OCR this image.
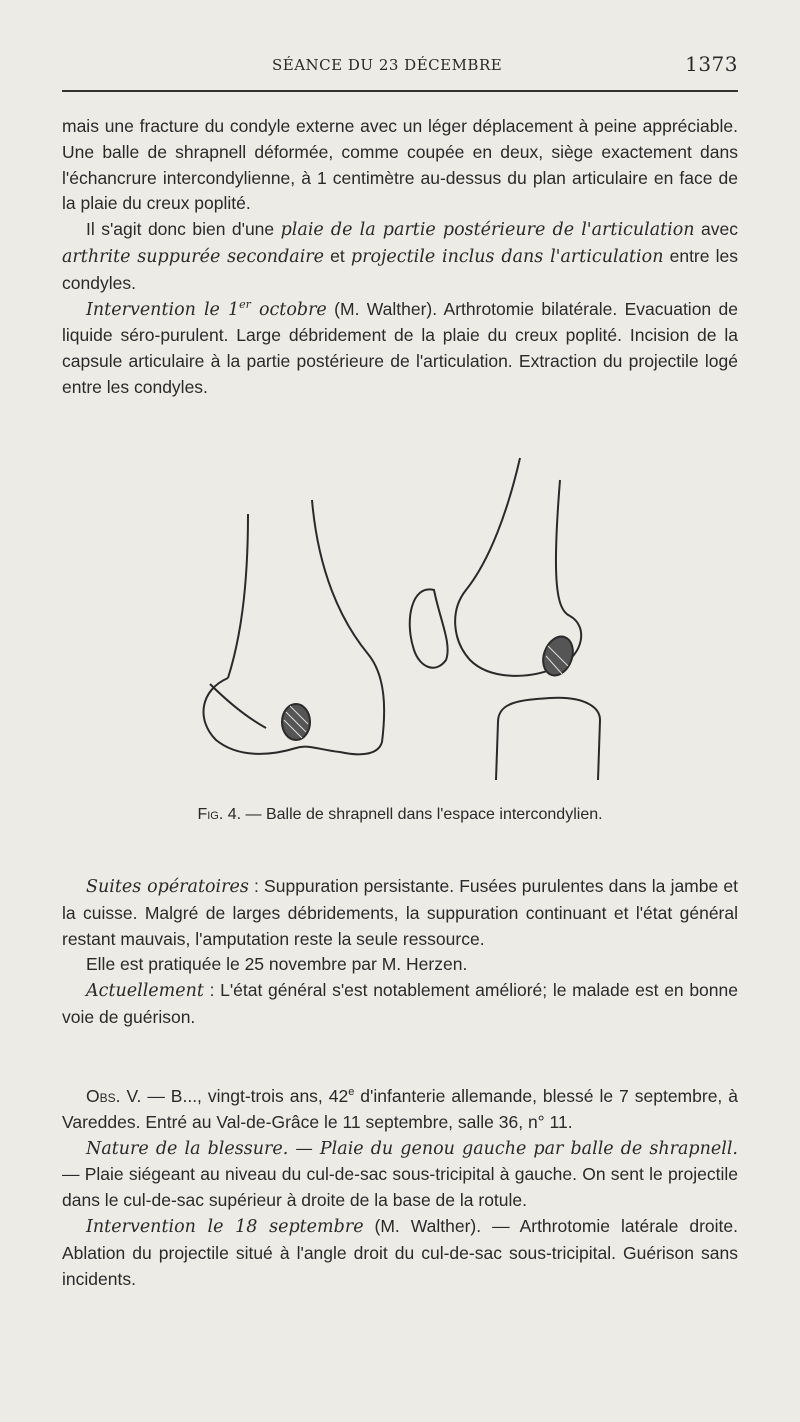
SÉANCE DU 23 DÉCEMBRE	1373

mais une fracture du condyle externe avec un léger déplacement à peine appréciable. Une balle de shrapnell déformée, comme coupée en deux, siège exactement dans l'échancrure intercondylienne, à 1 centimètre au-dessus du plan articulaire en face de la plaie du creux poplité.

Il s'agit donc bien d'une plaie de la partie postérieure de l'articulation avec arthrite suppurée secondaire et projectile inclus dans l'articulation entre les condyles.

Intervention le 1er octobre (M. Walther). Arthrotomie bilatérale. Evacuation de liquide séro-purulent. Large débridement de la plaie du creux poplité. Incision de la capsule articulaire à la partie postérieure de l'articulation. Extraction du projectile logé entre les condyles.

Fig. 4. — Balle de shrapnell dans l'espace intercondylien.

Suites opératoires : Suppuration persistante. Fusées purulentes dans la jambe et la cuisse. Malgré de larges débridements, la suppuration continuant et l'état général restant mauvais, l'amputation reste la seule ressource.

Elle est pratiquée le 25 novembre par M. Herzen.

Actuellement : L'état général s'est notablement amélioré; le malade est en bonne voie de guérison.

Obs. V. — B..., vingt-trois ans, 42e d'infanterie allemande, blessé le 7 septembre, à Vareddes. Entré au Val-de-Grâce le 11 septembre, salle 36, n° 11.

Nature de la blessure. — Plaie du genou gauche par balle de shrapnell. — Plaie siégeant au niveau du cul-de-sac sous-tricipital à gauche. On sent le projectile dans le cul-de-sac supérieur à droite de la base de la rotule.

Intervention le 18 septembre (M. Walther). — Arthrotomie latérale droite. Ablation du projectile situé à l'angle droit du cul-de-sac sous-tricipital. Guérison sans incidents.
